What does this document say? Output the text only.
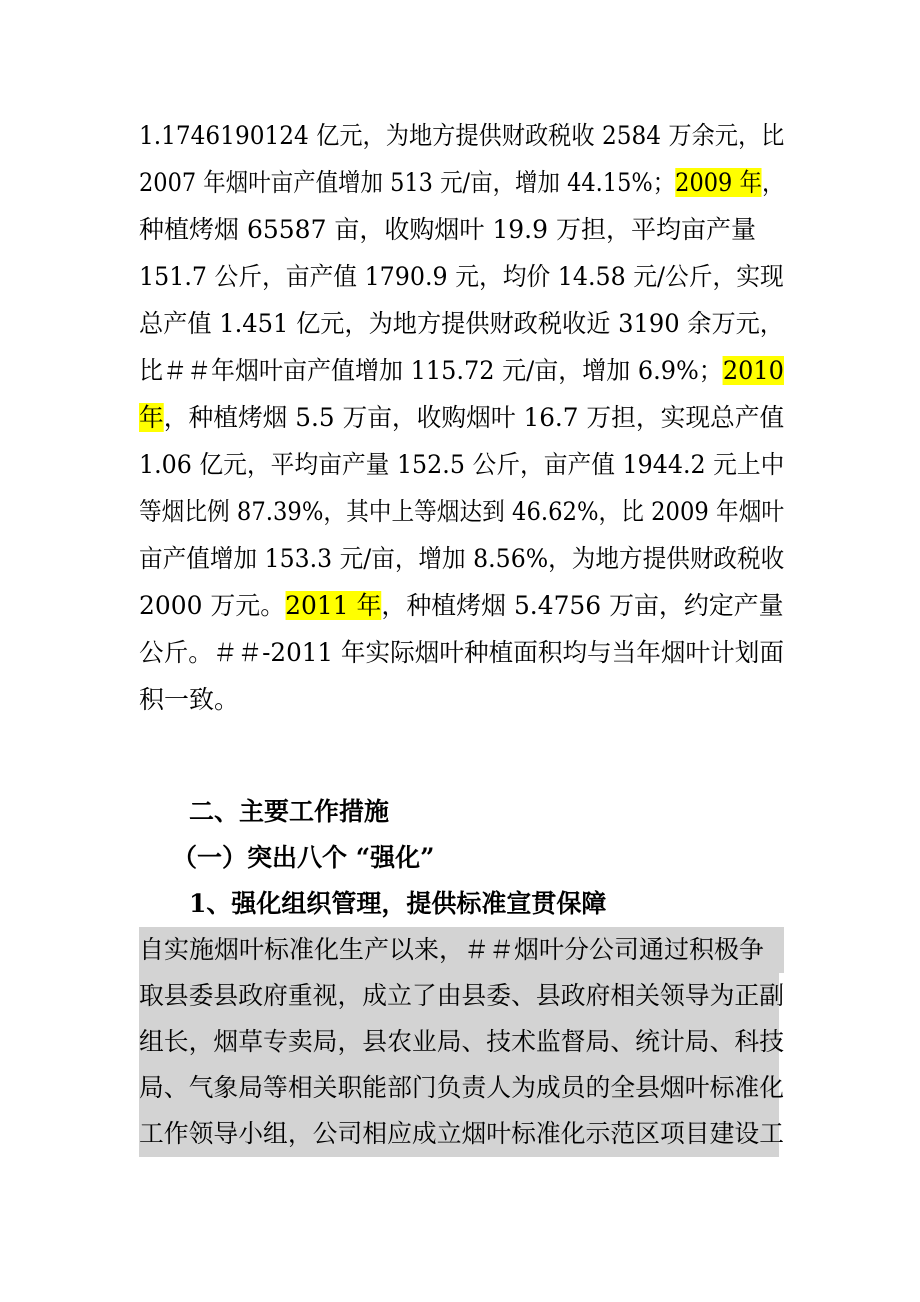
1.1746190124 亿元，为地方提供财政税收 2584 万余元，比
2007 年烟叶亩产值增加 513 元/亩，增加 44.15%；2009 年，
种植烤烟 65587 亩，收购烟叶 19.9 万担，平均亩产量
151.7 公斤，亩产值 1790.9 元，均价 14.58 元/公斤，实现
总产值 1.451 亿元，为地方提供财政税收近 3190 余万元，
比＃＃年烟叶亩产值增加 115.72 元/亩，增加 6.9%；2010
年，种植烤烟 5.5 万亩，收购烟叶 16.7 万担，实现总产值
1.06 亿元，平均亩产量 152.5 公斤，亩产值 1944.2 元上中
等烟比例 87.39%，其中上等烟达到 46.62%，比 2009 年烟叶
亩产值增加 153.3 元/亩，增加 8.56%，为地方提供财政税收
2000 万元。2011 年，种植烤烟 5.4756 万亩，约定产量
公斤。＃＃-2011 年实际烟叶种植面积均与当年烟叶计划面
积一致。
二、主要工作措施
（一）突出八个 “强化”
1、强化组织管理，提供标准宣贯保障
自实施烟叶标准化生产以来，＃＃烟叶分公司通过积极争
取县委县政府重视，成立了由县委、县政府相关领导为正副
组长，烟草专卖局，县农业局、技术监督局、统计局、科技
局、气象局等相关职能部门负责人为成员的全县烟叶标准化
工作领导小组，公司相应成立烟叶标准化示范区项目建设工
